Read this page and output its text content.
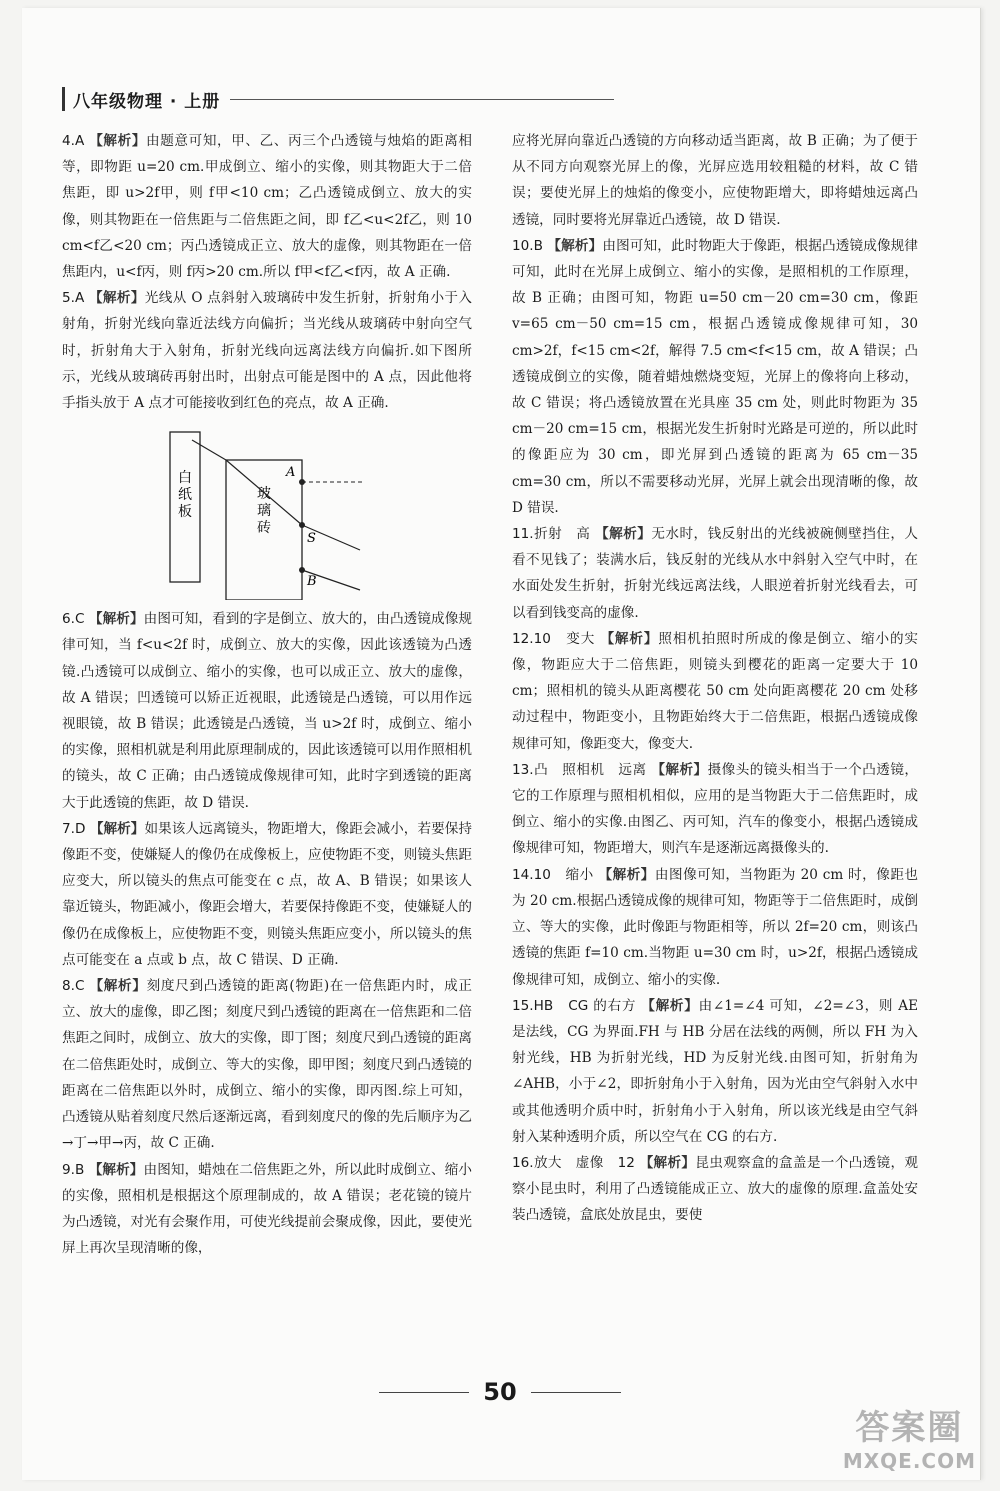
八年级物理 · 上册

4.A 【解析】由题意可知，甲、乙、丙三个凸透镜与烛焰的距离相等，即物距 u=20 cm.甲成倒立、缩小的实像，则其物距大于二倍焦距，即 u>2f甲，则 f甲<10 cm；乙凸透镜成倒立、放大的实像，则其物距在一倍焦距与二倍焦距之间，即 f乙<u<2f乙，则 10 cm<f乙<20 cm；丙凸透镜成正立、放大的虚像，则其物距在一倍焦距内，u<f丙，则 f丙>20 cm.所以 f甲<f乙<f丙，故 A 正确.

5.A 【解析】光线从 O 点斜射入玻璃砖中发生折射，折射角小于入射角，折射光线向靠近法线方向偏折；当光线从玻璃砖中射向空气时，折射角大于入射角，折射光线向远离法线方向偏折.如下图所示，光线从玻璃砖再射出时，出射点可能是图中的 A 点，因此他将手指头放于 A 点才可能接收到红色的亮点，故 A 正确.

白纸板
玻璃砖
A
S
B

6.C 【解析】由图可知，看到的字是倒立、放大的，由凸透镜成像规律可知，当 f<u<2f 时，成倒立、放大的实像，因此该透镜为凸透镜.凸透镜可以成倒立、缩小的实像，也可以成正立、放大的虚像，故 A 错误；凹透镜可以矫正近视眼，此透镜是凸透镜，可以用作远视眼镜，故 B 错误；此透镜是凸透镜，当 u>2f 时，成倒立、缩小的实像，照相机就是利用此原理制成的，因此该透镜可以用作照相机的镜头，故 C 正确；由凸透镜成像规律可知，此时字到透镜的距离大于此透镜的焦距，故 D 错误.

7.D 【解析】如果该人远离镜头，物距增大，像距会减小，若要保持像距不变，使嫌疑人的像仍在成像板上，应使物距不变，则镜头焦距应变大，所以镜头的焦点可能变在 c 点，故 A、B 错误；如果该人靠近镜头，物距减小，像距会增大，若要保持像距不变，使嫌疑人的像仍在成像板上，应使物距不变，则镜头焦距应变小，所以镜头的焦点可能变在 a 点或 b 点，故 C 错误、D 正确.

8.C 【解析】刻度尺到凸透镜的距离(物距)在一倍焦距内时，成正立、放大的虚像，即乙图；刻度尺到凸透镜的距离在一倍焦距和二倍焦距之间时，成倒立、放大的实像，即丁图；刻度尺到凸透镜的距离在二倍焦距处时，成倒立、等大的实像，即甲图；刻度尺到凸透镜的距离在二倍焦距以外时，成倒立、缩小的实像，即丙图.综上可知，凸透镜从贴着刻度尺然后逐渐远离，看到刻度尺的像的先后顺序为乙→丁→甲→丙，故 C 正确.

9.B 【解析】由图知，蜡烛在二倍焦距之外，所以此时成倒立、缩小的实像，照相机是根据这个原理制成的，故 A 错误；老花镜的镜片为凸透镜，对光有会聚作用，可使光线提前会聚成像，因此，要使光屏上再次呈现清晰的像，

应将光屏向靠近凸透镜的方向移动适当距离，故 B 正确；为了便于从不同方向观察光屏上的像，光屏应选用较粗糙的材料，故 C 错误；要使光屏上的烛焰的像变小，应使物距增大，即将蜡烛远离凸透镜，同时要将光屏靠近凸透镜，故 D 错误.

10.B 【解析】由图可知，此时物距大于像距，根据凸透镜成像规律可知，此时在光屏上成倒立、缩小的实像，是照相机的工作原理，故 B 正确；由图可知，物距 u=50 cm－20 cm=30 cm，像距 v=65 cm－50 cm=15 cm，根据凸透镜成像规律可知，30 cm>2f，f<15 cm<2f，解得 7.5 cm<f<15 cm，故 A 错误；凸透镜成倒立的实像，随着蜡烛燃烧变短，光屏上的像将向上移动，故 C 错误；将凸透镜放置在光具座 35 cm 处，则此时物距为 35 cm－20 cm=15 cm，根据光发生折射时光路是可逆的，所以此时的像距应为 30 cm，即光屏到凸透镜的距离为 65 cm－35 cm=30 cm，所以不需要移动光屏，光屏上就会出现清晰的像，故 D 错误.

11.折射　高 【解析】无水时，钱反射出的光线被碗侧壁挡住，人看不见钱了；装满水后，钱反射的光线从水中斜射入空气中时，在水面处发生折射，折射光线远离法线，人眼逆着折射光线看去，可以看到钱变高的虚像.

12.10　变大 【解析】照相机拍照时所成的像是倒立、缩小的实像，物距应大于二倍焦距，则镜头到樱花的距离一定要大于 10 cm；照相机的镜头从距离樱花 50 cm 处向距离樱花 20 cm 处移动过程中，物距变小，且物距始终大于二倍焦距，根据凸透镜成像规律可知，像距变大，像变大.

13.凸　照相机　远离 【解析】摄像头的镜头相当于一个凸透镜，它的工作原理与照相机相似，应用的是当物距大于二倍焦距时，成倒立、缩小的实像.由图乙、丙可知，汽车的像变小，根据凸透镜成像规律可知，物距增大，则汽车是逐渐远离摄像头的.

14.10　缩小 【解析】由图像可知，当物距为 20 cm 时，像距也为 20 cm.根据凸透镜成像的规律可知，物距等于二倍焦距时，成倒立、等大的实像，此时像距与物距相等，所以 2f=20 cm，则该凸透镜的焦距 f=10 cm.当物距 u=30 cm 时，u>2f，根据凸透镜成像规律可知，成倒立、缩小的实像.

15.HB　CG 的右方 【解析】由∠1=∠4 可知，∠2=∠3，则 AE 是法线，CG 为界面.FH 与 HB 分居在法线的两侧，所以 FH 为入射光线，HB 为折射光线，HD 为反射光线.由图可知，折射角为∠AHB，小于∠2，即折射角小于入射角，因为光由空气斜射入水中或其他透明介质中时，折射角小于入射角，所以该光线是由空气斜射入某种透明介质，所以空气在 CG 的右方.

16.放大　虚像　12 【解析】昆虫观察盒的盒盖是一个凸透镜，观察小昆虫时，利用了凸透镜能成正立、放大的虚像的原理.盒盖处安装凸透镜，盒底处放昆虫，要使

50
答案圈
MXQE.COM
